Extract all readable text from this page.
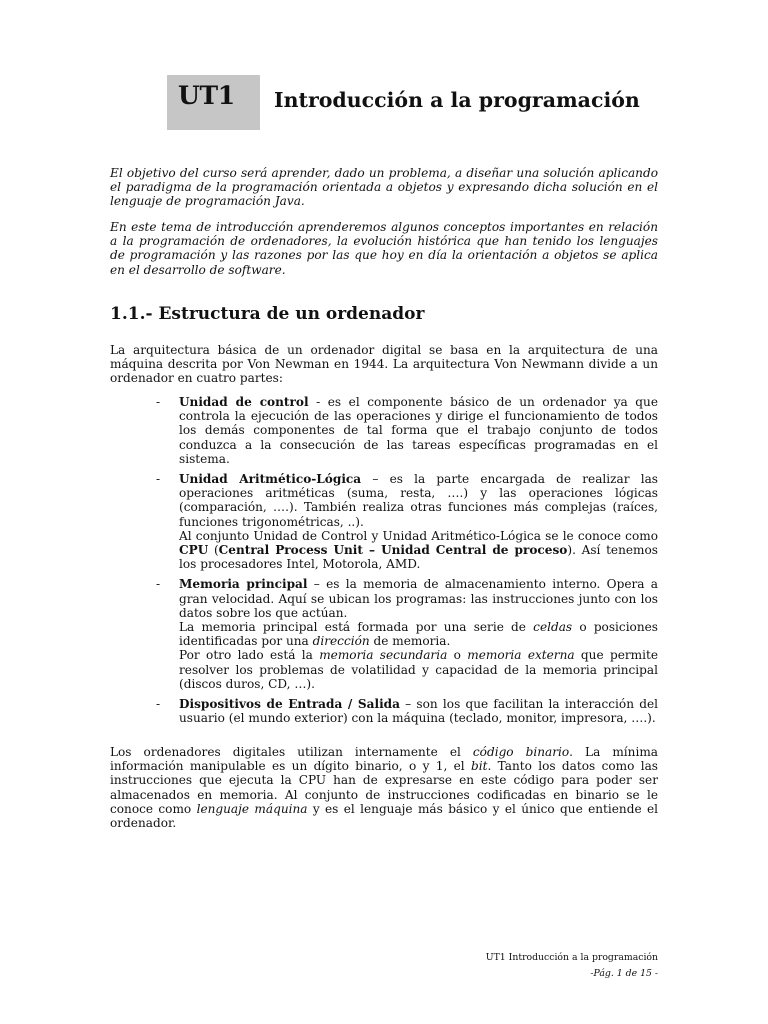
UT1 Introducción a la programación

El objetivo del curso será aprender, dado un problema, a diseñar una solución aplicando el paradigma de la programación orientada a objetos y expresando dicha solución en el lenguaje de programación Java.

En este tema de introducción aprenderemos algunos conceptos importantes en relación a la programación de ordenadores, la evolución histórica que han tenido los lenguajes de programación y las razones por las que hoy en día la orientación a objetos se aplica en el desarrollo de software.

1.1.- Estructura de un ordenador

La arquitectura básica de un ordenador digital se basa en la arquitectura de una máquina descrita por Von Newman en 1944. La arquitectura Von Newmann divide a un ordenador en cuatro partes:

- Unidad de control - es el componente básico de un ordenador ya que controla la ejecución de las operaciones y dirige el funcionamiento de todos los demás componentes de tal forma que el trabajo conjunto de todos conduzca a la consecución de las tareas específicas programadas en el sistema.

- Unidad Aritmético-Lógica – es la parte encargada de realizar las operaciones aritméticas (suma, resta, ….) y las operaciones lógicas (comparación, ….). También realiza otras funciones más complejas (raíces, funciones trigonométricas, ..).

Al conjunto Unidad de Control y Unidad Aritmético-Lógica se le conoce como CPU (Central Process Unit – Unidad Central de proceso). Así tenemos los procesadores Intel, Motorola, AMD.

- Memoria principal – es la memoria de almacenamiento interno. Opera a gran velocidad. Aquí se ubican los programas: las instrucciones junto con los datos sobre los que actúan.

La memoria principal está formada por una serie de celdas o posiciones identificadas por una dirección de memoria.

Por otro lado está la memoria secundaria o memoria externa que permite resolver los problemas de volatilidad y capacidad de la memoria principal (discos duros, CD, …).

- Dispositivos de Entrada / Salida – son los que facilitan la interacción del usuario (el mundo exterior) con la máquina (teclado, monitor, impresora, ….).

Los ordenadores digitales utilizan internamente el código binario. La mínima información manipulable es un dígito binario, o y 1, el bit. Tanto los datos como las instrucciones que ejecuta la CPU han de expresarse en este código para poder ser almacenados en memoria. Al conjunto de instrucciones codificadas en binario se le conoce como lenguaje máquina y es el lenguaje más básico y el único que entiende el ordenador.

UT1 Introducción a la programación
-Pág. 1 de 15 -
